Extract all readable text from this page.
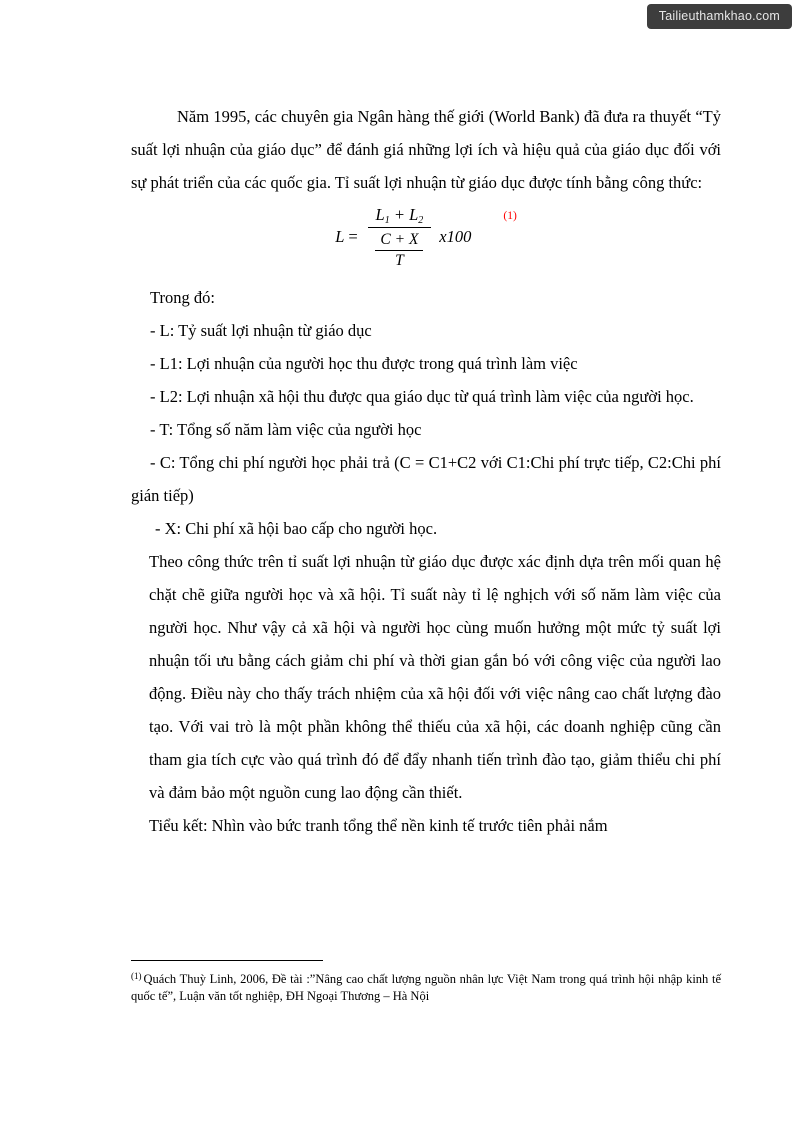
Tailieuthamkhao.com

Năm 1995, các chuyên gia Ngân hàng thế giới (World Bank) đã đưa ra thuyết “Tỷ suất lợi nhuận của giáo dục” để đánh giá những lợi ích và hiệu quả của giáo dục đối với sự phát triển của các quốc gia. Tỉ suất lợi nhuận từ giáo dục được tính bằng công thức:

$L = \frac{L_1 + L_2}{\frac{C + X}{T}} x100$
(1)

Trong đó:

- L: Tỷ suất lợi nhuận từ giáo dục

- L1: Lợi nhuận của người học thu được trong quá trình làm việc

- L2: Lợi nhuận xã hội thu được qua giáo dục từ quá trình làm việc của người học.

- T: Tổng số năm làm việc của người học

- C: Tổng chi phí người học phải trả (C = C1+C2 với C1:Chi phí trực tiếp, C2:Chi phí gián tiếp)

- X: Chi phí xã hội bao cấp cho người học.

Theo công thức trên tỉ suất lợi nhuận từ giáo dục được xác định dựa trên mối quan hệ chặt chẽ giữa người học và xã hội. Tỉ suất này tỉ lệ nghịch với số năm làm việc của người học. Như vậy cả xã hội và người học cùng muốn hưởng một mức tỷ suất lợi nhuận tối ưu bằng cách giảm chi phí và thời gian gắn bó với công việc của người lao động. Điều này cho thấy trách nhiệm của xã hội đối với việc nâng cao chất lượng đào tạo. Với vai trò là một phần không thể thiếu của xã hội, các doanh nghiệp cũng cần tham gia tích cực vào quá trình đó để đẩy nhanh tiến trình đào tạo, giảm thiểu chi phí và đảm bảo một nguồn cung lao động cần thiết.

Tiểu kết: Nhìn vào bức tranh tổng thể nền kinh tế trước tiên phải nắm

$^{(1)}$ Quách Thuỳ Linh, 2006, Đề tài :”Nâng cao chất lượng nguồn nhân lực Việt Nam trong quá trình hội nhập kinh tế quốc tế”, Luận văn tốt nghiệp, ĐH Ngoại Thương – Hà Nội
